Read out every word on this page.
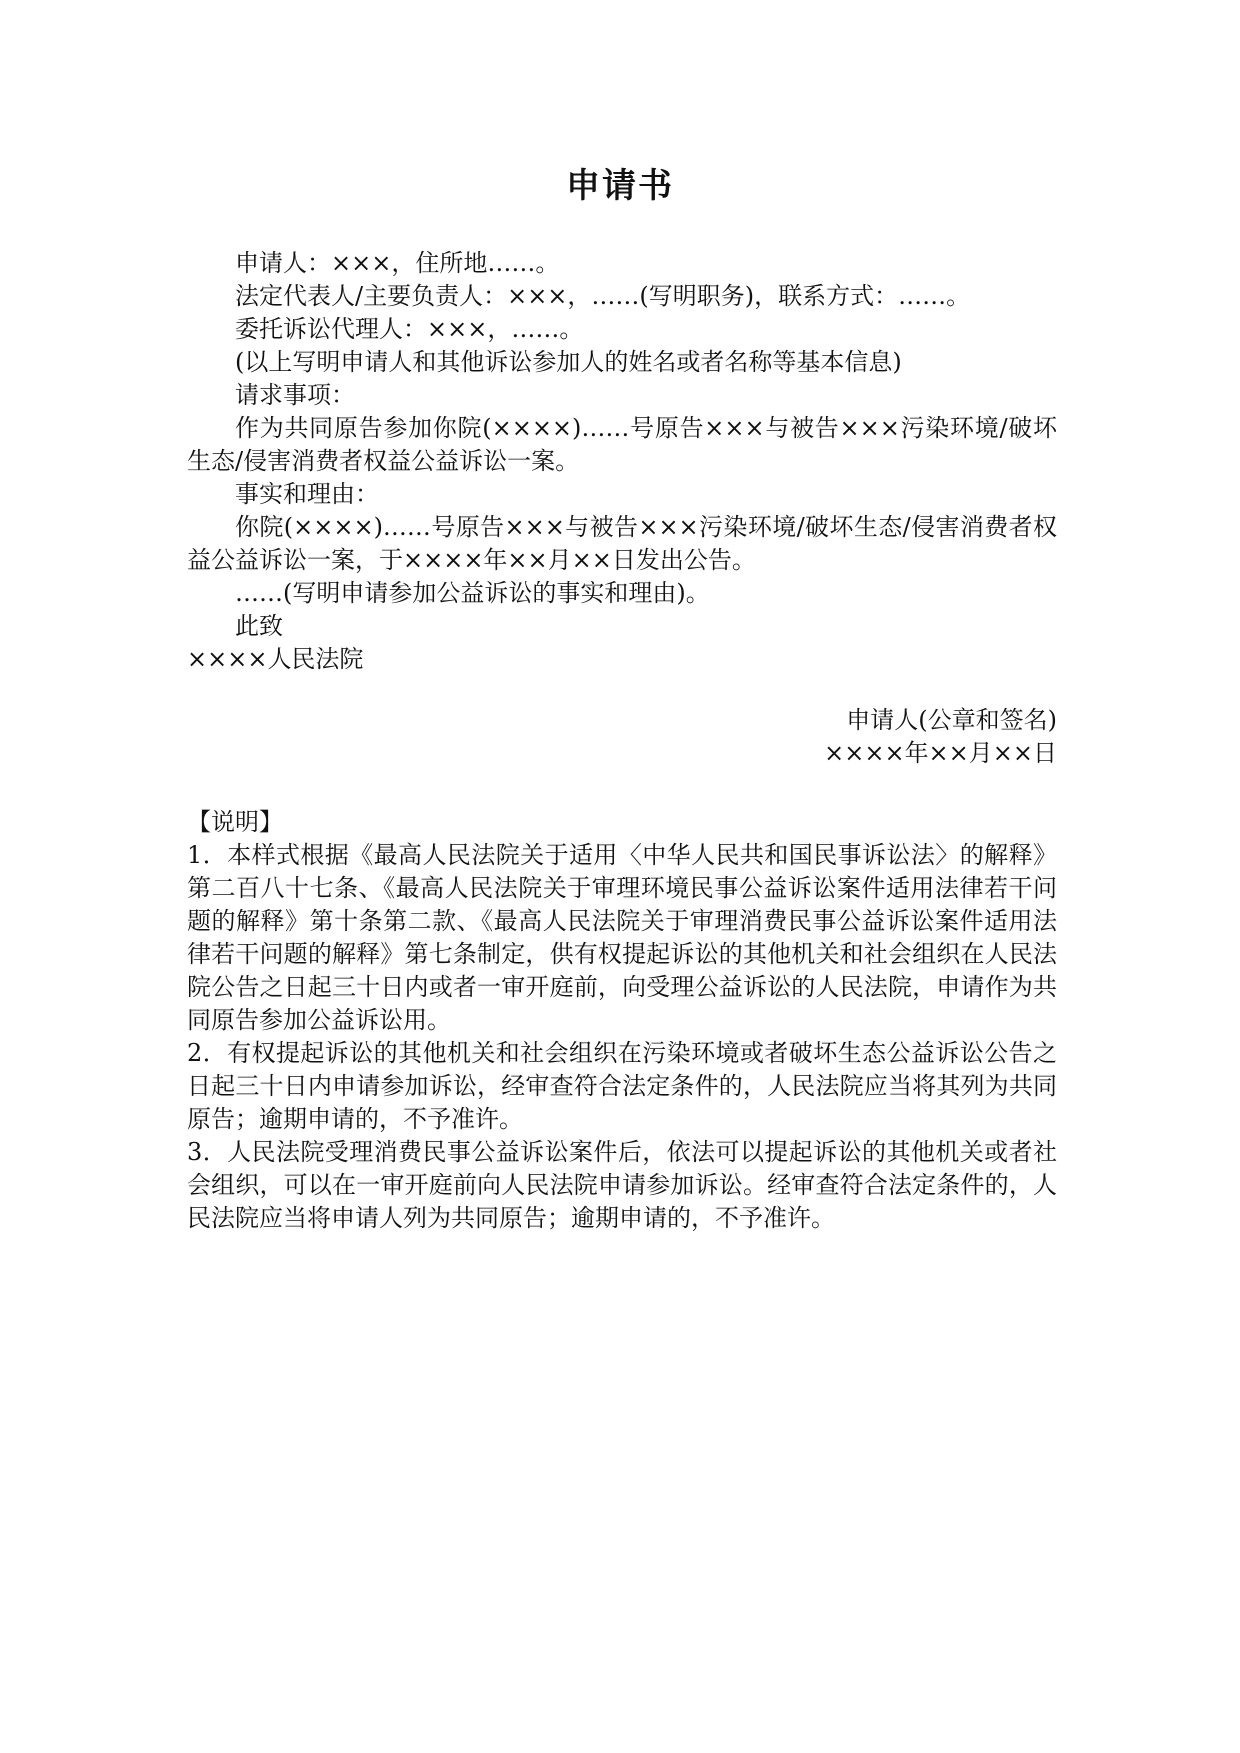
申请书

申请人：×××，住所地……。

法定代表人/主要负责人：×××，……(写明职务)，联系方式：……。

委托诉讼代理人：×××，……。

(以上写明申请人和其他诉讼参加人的姓名或者名称等基本信息)

请求事项：

作为共同原告参加你院(××××)……号原告×××与被告×××污染环境/破坏生态/侵害消费者权益公益诉讼一案。

事实和理由：

你院(××××)……号原告×××与被告×××污染环境/破坏生态/侵害消费者权益公益诉讼一案，于××××年××月××日发出公告。

……(写明申请参加公益诉讼的事实和理由)。

此致

××××人民法院

申请人(公章和签名)
××××年××月××日

【说明】

1．本样式根据《最高人民法院关于适用〈中华人民共和国民事诉讼法〉的解释》第二百八十七条、《最高人民法院关于审理环境民事公益诉讼案件适用法律若干问题的解释》第十条第二款、《最高人民法院关于审理消费民事公益诉讼案件适用法律若干问题的解释》第七条制定，供有权提起诉讼的其他机关和社会组织在人民法院公告之日起三十日内或者一审开庭前，向受理公益诉讼的人民法院，申请作为共同原告参加公益诉讼用。

2．有权提起诉讼的其他机关和社会组织在污染环境或者破坏生态公益诉讼公告之日起三十日内申请参加诉讼，经审查符合法定条件的，人民法院应当将其列为共同原告；逾期申请的，不予准许。

3．人民法院受理消费民事公益诉讼案件后，依法可以提起诉讼的其他机关或者社会组织，可以在一审开庭前向人民法院申请参加诉讼。经审查符合法定条件的，人民法院应当将申请人列为共同原告；逾期申请的，不予准许。
